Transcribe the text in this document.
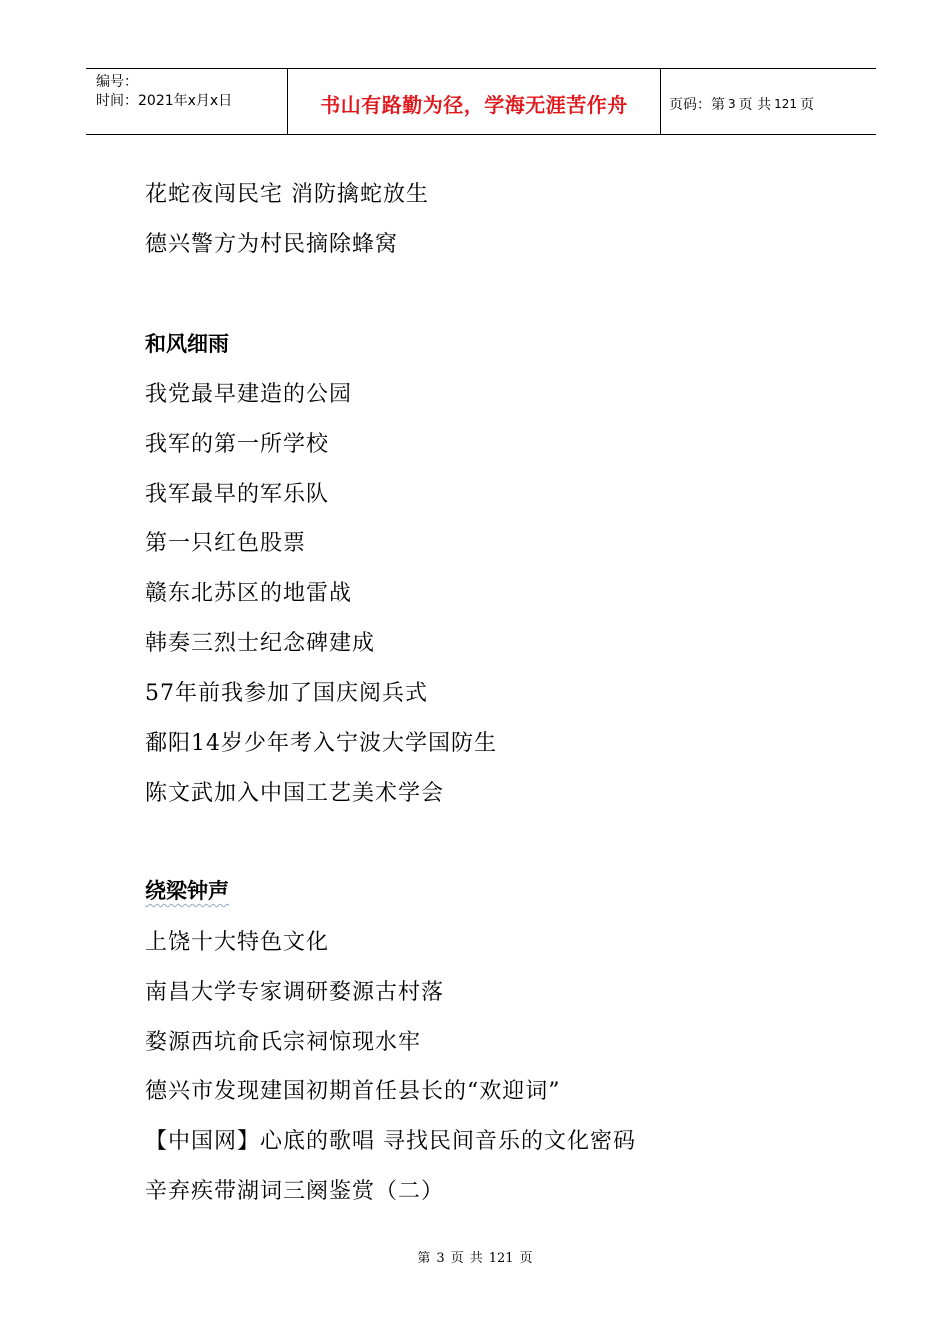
编号：
时间：2021年x月x日	书山有路勤为径，学海无涯苦作舟	页码：第 3 页 共 121 页
花蛇夜闯民宅 消防擒蛇放生
德兴警方为村民摘除蜂窝
和风细雨
我党最早建造的公园
我军的第一所学校
我军最早的军乐队
第一只红色股票
赣东北苏区的地雷战
韩奏三烈士纪念碑建成
57年前我参加了国庆阅兵式
鄱阳14岁少年考入宁波大学国防生
陈文武加入中国工艺美术学会
绕梁钟声
上饶十大特色文化
南昌大学专家调研婺源古村落
婺源西坑俞氏宗祠惊现水牢
德兴市发现建国初期首任县长的“欢迎词”
【中国网】心底的歌唱 寻找民间音乐的文化密码
辛弃疾带湖词三阕鉴赏（二）
第 3 页 共 121 页
